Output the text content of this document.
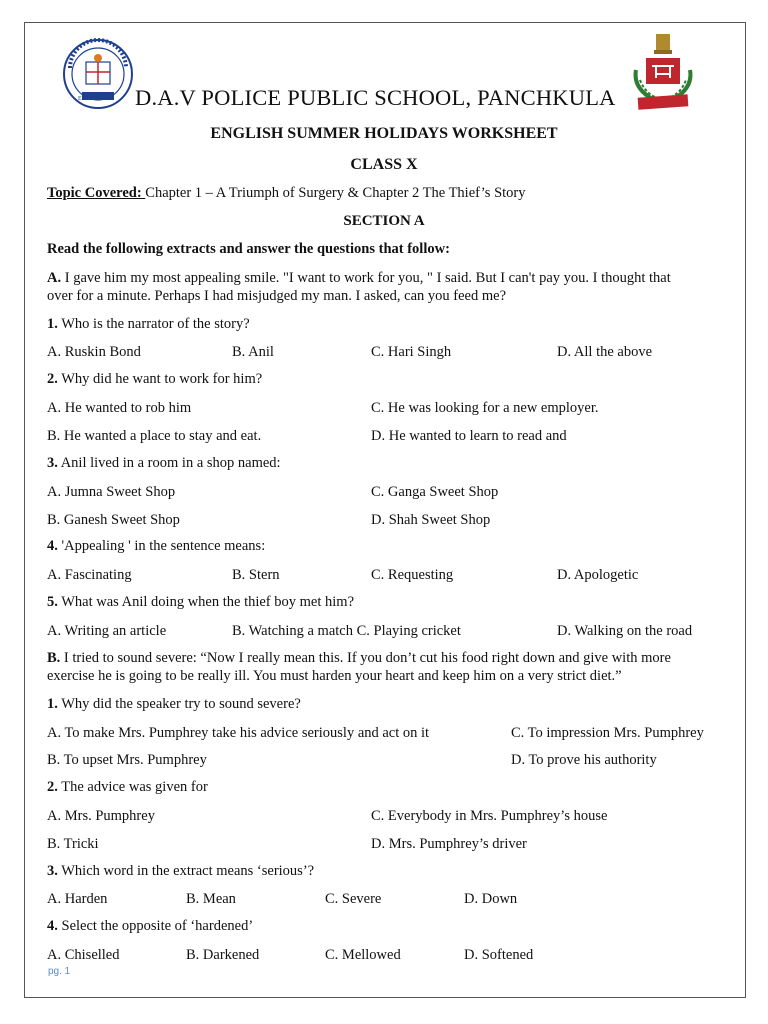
ESTD. 1985 D.A.V POLICE PUBLIC SCHOOL, PANCHKULA
ENGLISH SUMMER HOLIDAYS WORKSHEET
CLASS X
Topic Covered: Chapter 1 – A Triumph of Surgery & Chapter 2 The Thief’s Story
SECTION A
Read the following extracts and answer the questions that follow:
A. I gave him my most appealing smile. "I want to work for you, " I said. But I can't pay you. I thought that
over for a minute. Perhaps I had misjudged my man. I asked, can you feed me?
1. Who is the narrator of the story?
A. Ruskin Bond	B. Anil	C. Hari Singh	D. All the above
2. Why did he want to work for him?
A. He wanted to rob him	C. He was looking for a new employer.
B. He wanted a place to stay and eat.	D. He wanted to learn to read and
3. Anil lived in a room in a shop named:
A. Jumna Sweet Shop	C. Ganga Sweet Shop
B. Ganesh Sweet Shop	D. Shah Sweet Shop
4. 'Appealing ' in the sentence means:
A. Fascinating	B. Stern	C. Requesting	D. Apologetic
5. What was Anil doing when the thief boy met him?
A. Writing an article	B. Watching a match C. Playing cricket	D. Walking on the road
B. I tried to sound severe: “Now I really mean this. If you don’t cut his food right down and give with more
exercise he is going to be really ill. You must harden your heart and keep him on a very strict diet.”
1. Why did the speaker try to sound severe?
A. To make Mrs. Pumphrey take his advice seriously and act on it	C. To impression Mrs. Pumphrey
B. To upset Mrs. Pumphrey	D. To prove his authority
2. The advice was given for
A. Mrs. Pumphrey	C. Everybody in Mrs. Pumphrey’s house
B. Tricki	D. Mrs. Pumphrey’s driver
3. Which word in the extract means ‘serious’?
A. Harden	B. Mean	C. Severe	D. Down
4. Select the opposite of ‘hardened’
A. Chiselled	B. Darkened	C. Mellowed	D. Softened
pg. 1
